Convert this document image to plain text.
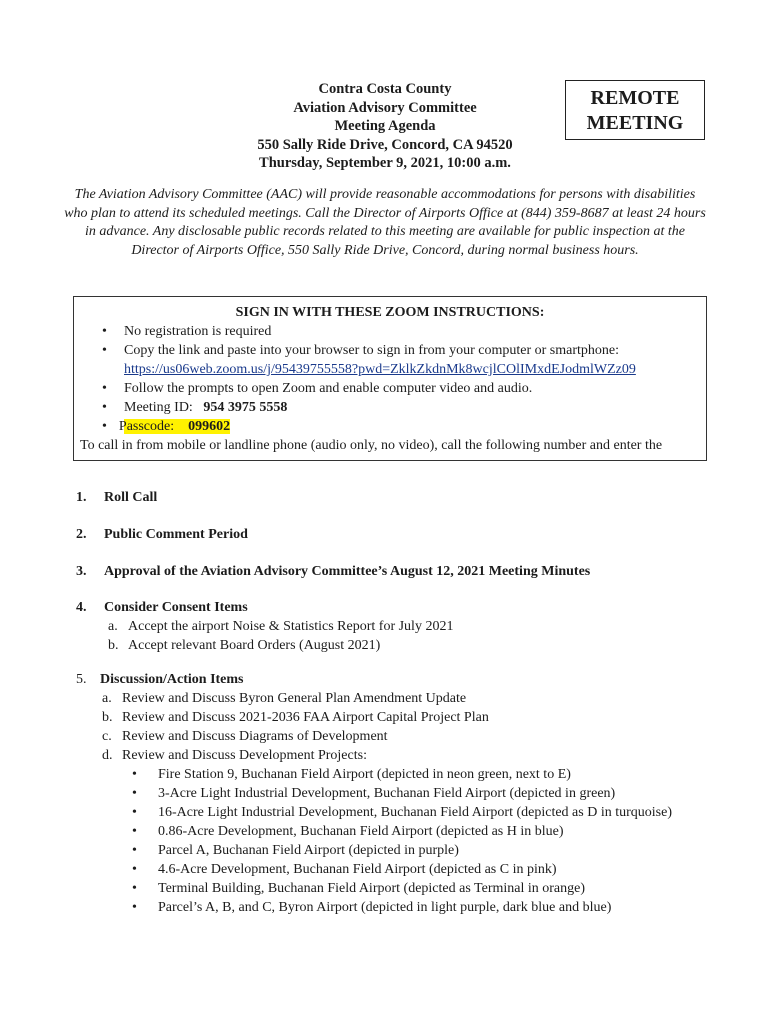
Contra Costa County
Aviation Advisory Committee
Meeting Agenda
550 Sally Ride Drive, Concord, CA 94520
Thursday, September 9, 2021, 10:00 a.m.
REMOTE
MEETING
The Aviation Advisory Committee (AAC) will provide reasonable accommodations for persons with disabilities who plan to attend its scheduled meetings. Call the Director of Airports Office at (844) 359-8687 at least 24 hours in advance. Any disclosable public records related to this meeting are available for public inspection at the Director of Airports Office, 550 Sally Ride Drive, Concord, during normal business hours.
SIGN IN WITH THESE ZOOM INSTRUCTIONS:
• No registration is required
• Copy the link and paste into your browser to sign in from your computer or smartphone:
https://us06web.zoom.us/j/95439755558?pwd=ZklkZkdnMk8wcjlCOlIMxdEJodmlWZz09
• Follow the prompts to open Zoom and enable computer video and audio.
• Meeting ID: 954 3975 5558
• Passcode: 099602
To call in from mobile or landline phone (audio only, no video), call the following number and enter the
1. Roll Call
2. Public Comment Period
3. Approval of the Aviation Advisory Committee’s August 12, 2021 Meeting Minutes
4. Consider Consent Items
a. Accept the airport Noise & Statistics Report for July 2021
b. Accept relevant Board Orders (August 2021)
5. Discussion/Action Items
a. Review and Discuss Byron General Plan Amendment Update
b. Review and Discuss 2021-2036 FAA Airport Capital Project Plan
c. Review and Discuss Diagrams of Development
d. Review and Discuss Development Projects:
• Fire Station 9, Buchanan Field Airport (depicted in neon green, next to E)
• 3-Acre Light Industrial Development, Buchanan Field Airport (depicted in green)
• 16-Acre Light Industrial Development, Buchanan Field Airport (depicted as D in turquoise)
• 0.86-Acre Development, Buchanan Field Airport (depicted as H in blue)
• Parcel A, Buchanan Field Airport (depicted in purple)
• 4.6-Acre Development, Buchanan Field Airport (depicted as C in pink)
• Terminal Building, Buchanan Field Airport (depicted as Terminal in orange)
• Parcel’s A, B, and C, Byron Airport (depicted in light purple, dark blue and blue)
